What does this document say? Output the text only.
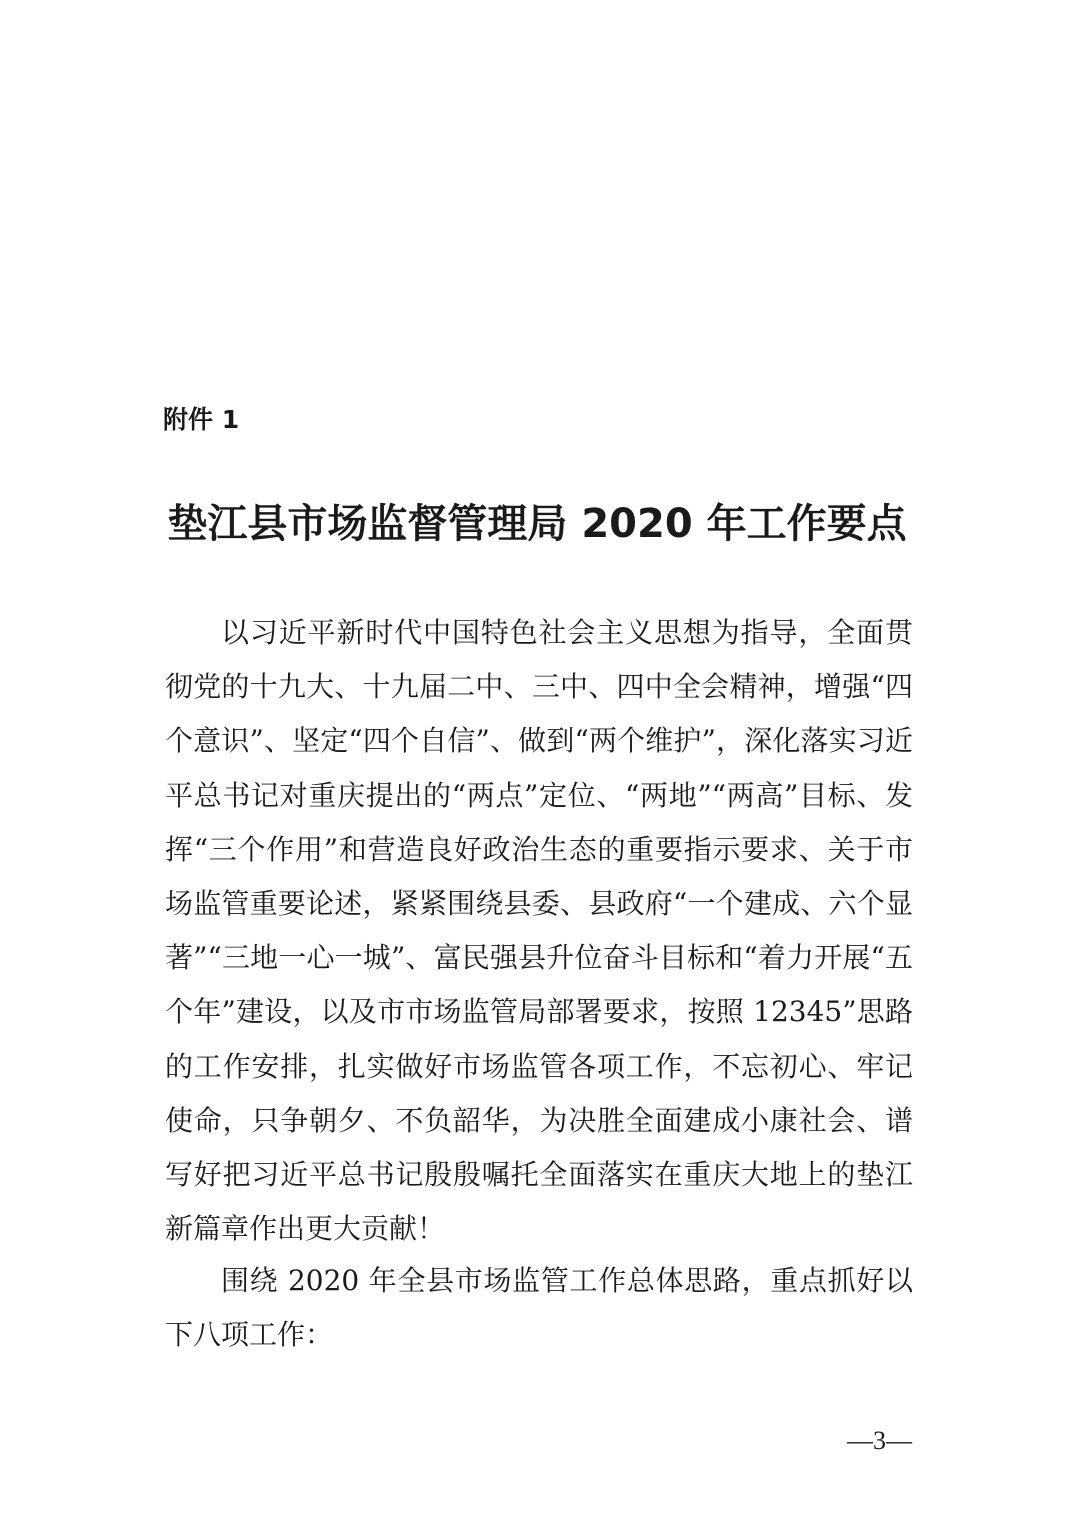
附件 1

垫江县市场监督管理局 2020 年工作要点

以习近平新时代中国特色社会主义思想为指导，全面贯彻党的十九大、十九届二中、三中、四中全会精神，增强“四个意识”、坚定“四个自信”、做到“两个维护”，深化落实习近平总书记对重庆提出的“两点”定位、“两地”“两高”目标、发挥“三个作用”和营造良好政治生态的重要指示要求、关于市场监管重要论述，紧紧围绕县委、县政府“一个建成、六个显著”“三地一心一城”、富民强县升位奋斗目标和“着力开展“五个年”建设，以及市市场监管局部署要求，按照 12345”思路的工作安排，扎实做好市场监管各项工作，不忘初心、牢记使命，只争朝夕、不负韶华，为决胜全面建成小康社会、谱写好把习近平总书记殷殷嘱托全面落实在重庆大地上的垫江新篇章作出更大贡献！

围绕 2020 年全县市场监管工作总体思路，重点抓好以下八项工作：

—3—
